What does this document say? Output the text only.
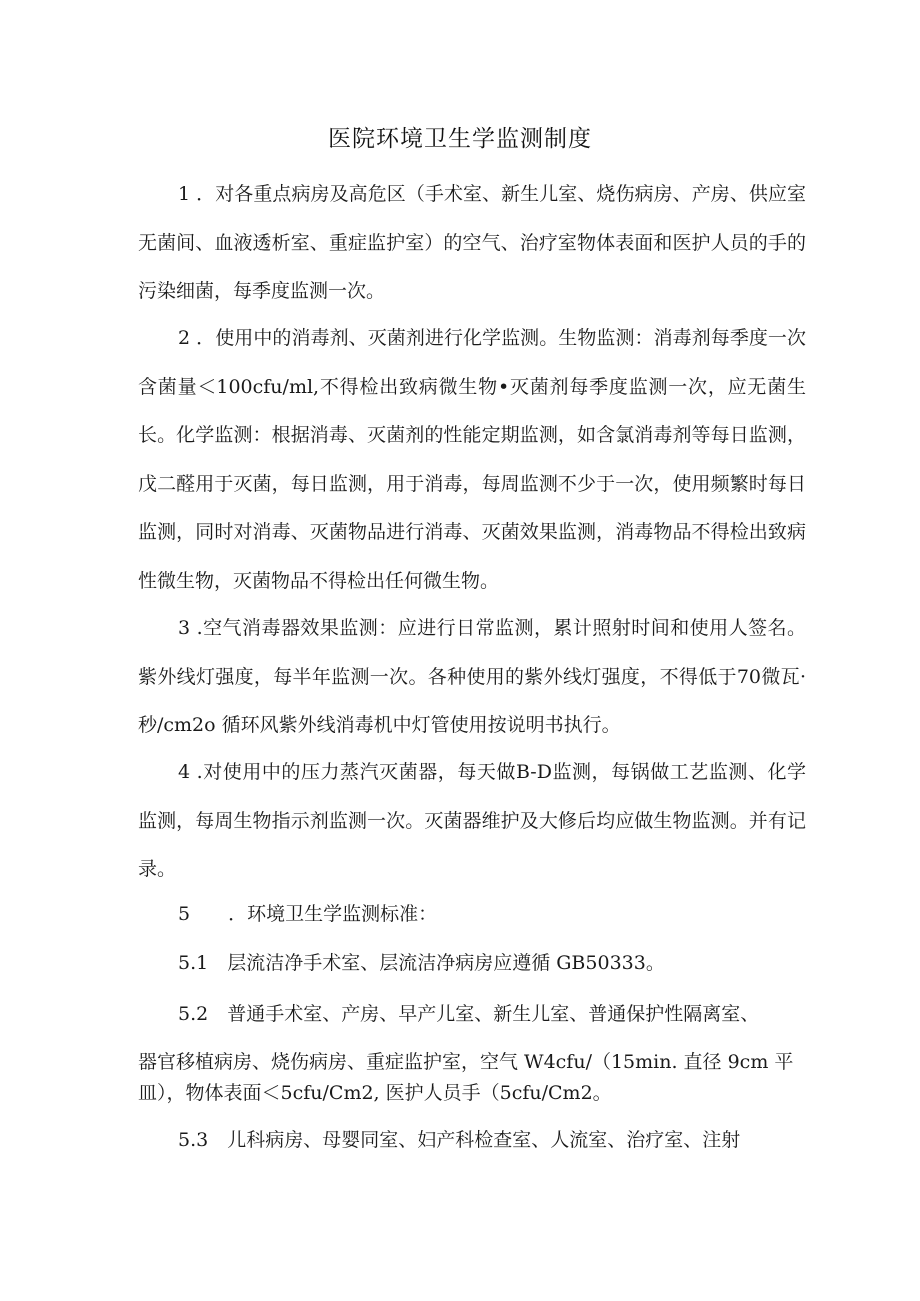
医院环境卫生学监测制度
1 ．对各重点病房及高危区（手术室、新生儿室、烧伤病房、产房、供应室无菌间、血液透析室、重症监护室）的空气、治疗室物体表面和医护人员的手的污染细菌，每季度监测一次。
2 ．使用中的消毒剂、灭菌剂进行化学监测。生物监测：消毒剂每季度一次含菌量＜100cfu∕ml,不得检出致病微生物•灭菌剂每季度监测一次，应无菌生长。化学监测：根据消毒、灭菌剂的性能定期监测，如含氯消毒剂等每日监测，戊二醛用于灭菌，每日监测，用于消毒，每周监测不少于一次，使用频繁时每日监测，同时对消毒、灭菌物品进行消毒、灭菌效果监测，消毒物品不得检出致病性微生物，灭菌物品不得检出任何微生物。
3 .空气消毒器效果监测：应进行日常监测，累计照射时间和使用人签名。紫外线灯强度，每半年监测一次。各种使用的紫外线灯强度，不得低于70微瓦·秒/cm2o 循环风紫外线消毒机中灯管使用按说明书执行。
4 .对使用中的压力蒸汽灭菌器，每天做B-D监测，每锅做工艺监测、化学监测，每周生物指示剂监测一次。灭菌器维护及大修后均应做生物监测。并有记录。
5　　．环境卫生学监测标准：
5.1　层流洁净手术室、层流洁净病房应遵循 GB50333。
5.2　普通手术室、产房、早产儿室、新生儿室、普通保护性隔离室、
器官移植病房、烧伤病房、重症监护室，空气 W4cfu∕（15min. 直径 9cm 平
皿），物体表面＜5cfu∕Cm2, 医护人员手（5cfu∕Cm2。
5.3　儿科病房、母婴同室、妇产科检查室、人流室、治疗室、注射
